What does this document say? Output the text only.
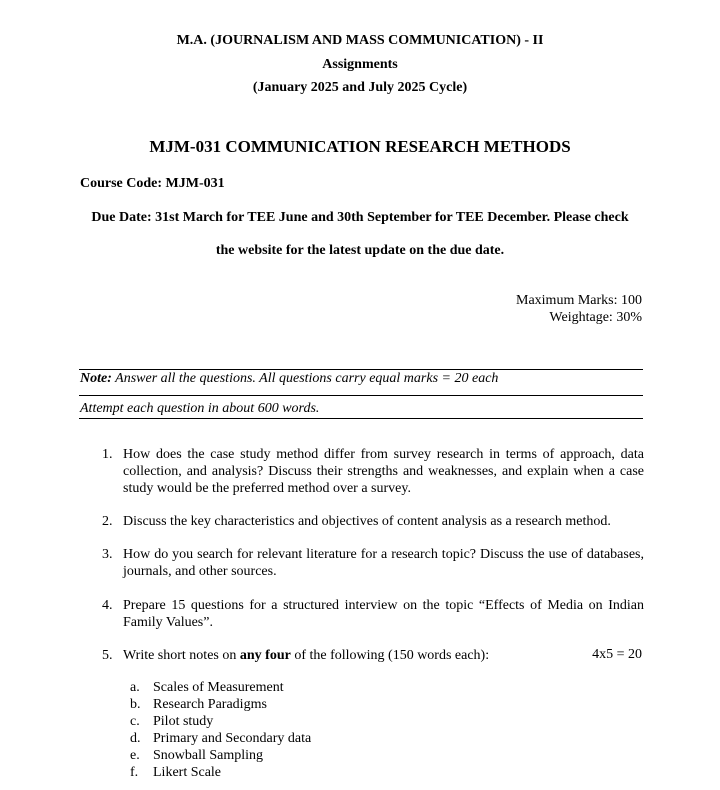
M.A. (JOURNALISM AND MASS COMMUNICATION) - II
Assignments
(January 2025 and July 2025 Cycle)
MJM-031 COMMUNICATION RESEARCH METHODS
Course Code: MJM-031
Due Date: 31st March for TEE June and 30th September for TEE December. Please check
the website for the latest update on the due date.
Maximum Marks: 100
Weightage: 30%
Note: Answer all the questions. All questions carry equal marks = 20 each
Attempt each question in about 600 words.
1. How does the case study method differ from survey research in terms of approach, data collection, and analysis? Discuss their strengths and weaknesses, and explain when a case study would be the preferred method over a survey.
2. Discuss the key characteristics and objectives of content analysis as a research method.
3. How do you search for relevant literature for a research topic? Discuss the use of databases, journals, and other sources.
4. Prepare 15 questions for a structured interview on the topic “Effects of Media on Indian Family Values”.
5. Write short notes on any four of the following (150 words each):	4x5 = 20
a. Scales of Measurement
b. Research Paradigms
c. Pilot study
d. Primary and Secondary data
e. Snowball Sampling
f.	Likert Scale
